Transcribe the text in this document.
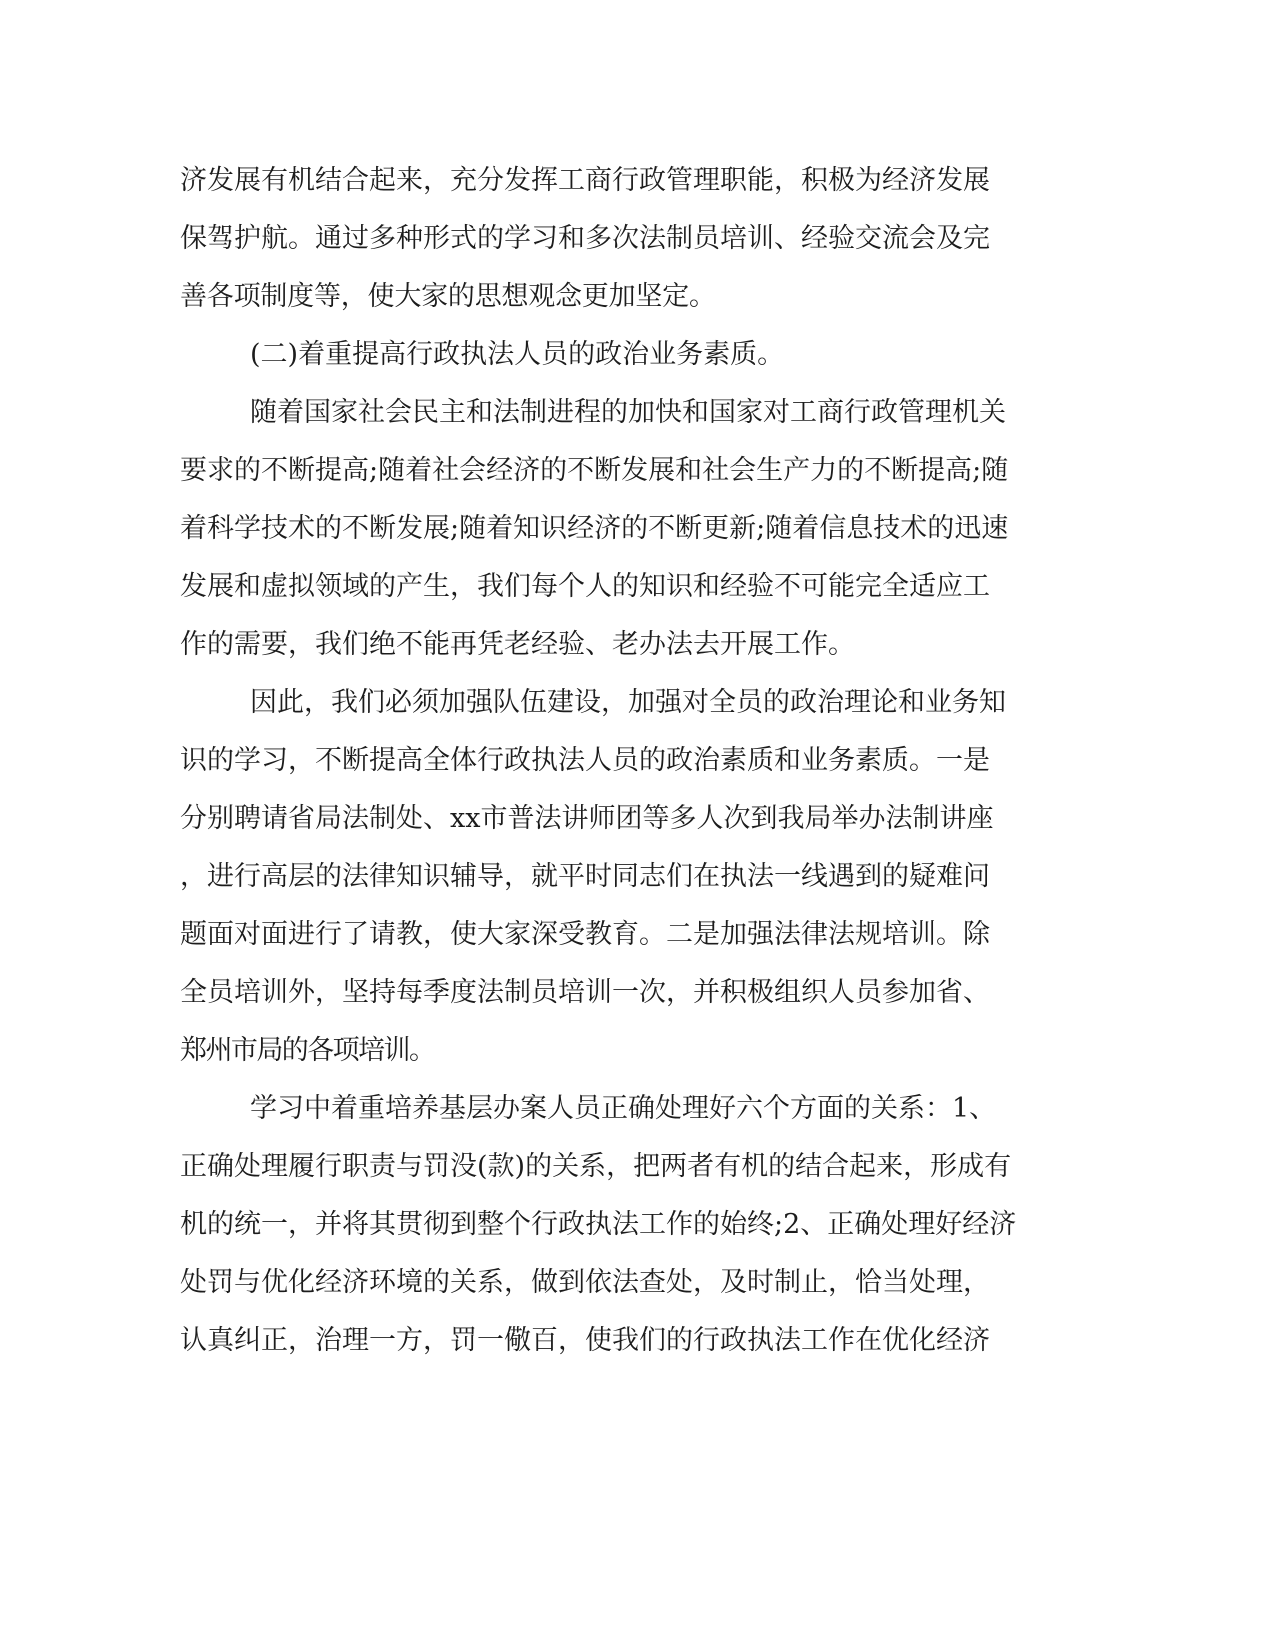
济发展有机结合起来，充分发挥工商行政管理职能，积极为经济发展
保驾护航。通过多种形式的学习和多次法制员培训、经验交流会及完
善各项制度等，使大家的思想观念更加坚定。
(二)着重提高行政执法人员的政治业务素质。
随着国家社会民主和法制进程的加快和国家对工商行政管理机关
要求的不断提高;随着社会经济的不断发展和社会生产力的不断提高;随
着科学技术的不断发展;随着知识经济的不断更新;随着信息技术的迅速
发展和虚拟领域的产生，我们每个人的知识和经验不可能完全适应工
作的需要，我们绝不能再凭老经验、老办法去开展工作。
因此，我们必须加强队伍建设，加强对全员的政治理论和业务知
识的学习，不断提高全体行政执法人员的政治素质和业务素质。一是
分别聘请省局法制处、xx市普法讲师团等多人次到我局举办法制讲座
，进行高层的法律知识辅导，就平时同志们在执法一线遇到的疑难问
题面对面进行了请教，使大家深受教育。二是加强法律法规培训。除
全员培训外，坚持每季度法制员培训一次，并积极组织人员参加省、
郑州市局的各项培训。
学习中着重培养基层办案人员正确处理好六个方面的关系：1、
正确处理履行职责与罚没(款)的关系，把两者有机的结合起来，形成有
机的统一，并将其贯彻到整个行政执法工作的始终;2、正确处理好经济
处罚与优化经济环境的关系，做到依法查处，及时制止，恰当处理，
认真纠正，治理一方，罚一儆百，使我们的行政执法工作在优化经济
